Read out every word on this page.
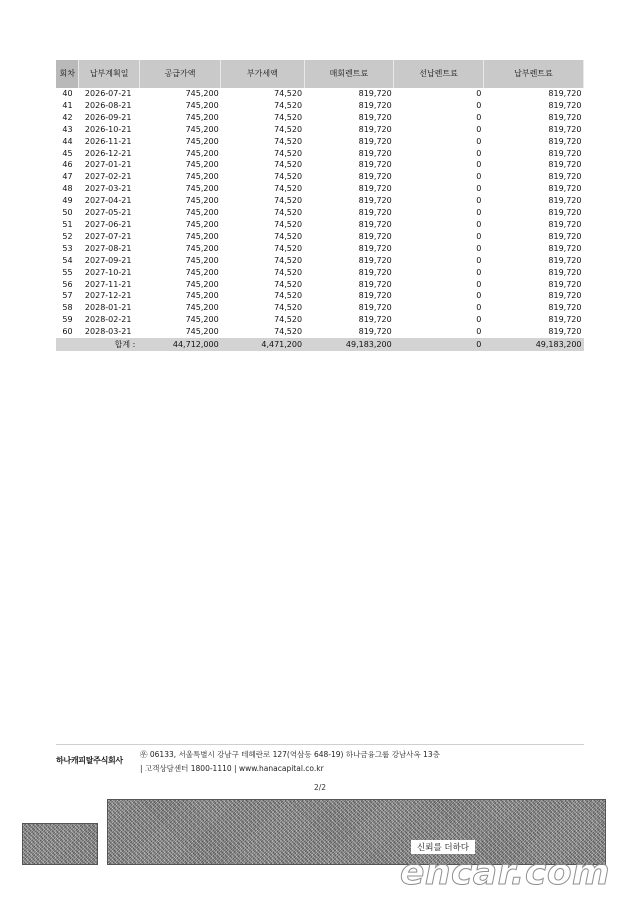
회차	납부계획일	공급가액	부가세액	매회렌트료	선납렌트료	납부렌트료
40	2026-07-21	745,200	74,520	819,720	0	819,720
41	2026-08-21	745,200	74,520	819,720	0	819,720
42	2026-09-21	745,200	74,520	819,720	0	819,720
43	2026-10-21	745,200	74,520	819,720	0	819,720
44	2026-11-21	745,200	74,520	819,720	0	819,720
45	2026-12-21	745,200	74,520	819,720	0	819,720
46	2027-01-21	745,200	74,520	819,720	0	819,720
47	2027-02-21	745,200	74,520	819,720	0	819,720
48	2027-03-21	745,200	74,520	819,720	0	819,720
49	2027-04-21	745,200	74,520	819,720	0	819,720
50	2027-05-21	745,200	74,520	819,720	0	819,720
51	2027-06-21	745,200	74,520	819,720	0	819,720
52	2027-07-21	745,200	74,520	819,720	0	819,720
53	2027-08-21	745,200	74,520	819,720	0	819,720
54	2027-09-21	745,200	74,520	819,720	0	819,720
55	2027-10-21	745,200	74,520	819,720	0	819,720
56	2027-11-21	745,200	74,520	819,720	0	819,720
57	2027-12-21	745,200	74,520	819,720	0	819,720
58	2028-01-21	745,200	74,520	819,720	0	819,720
59	2028-02-21	745,200	74,520	819,720	0	819,720
60	2028-03-21	745,200	74,520	819,720	0	819,720
합계 :		44,712,000	4,471,200	49,183,200	0	49,183,200
하나캐피탈주식회사
㉾ 06133, 서울특별시 강남구 테헤란로 127(역삼동 648-19) 하나금융그룹 강남사옥 13층
| 고객상담센터 1800-1110 | www.hanacapital.co.kr
2/2
신뢰를 더하다
encar.com
